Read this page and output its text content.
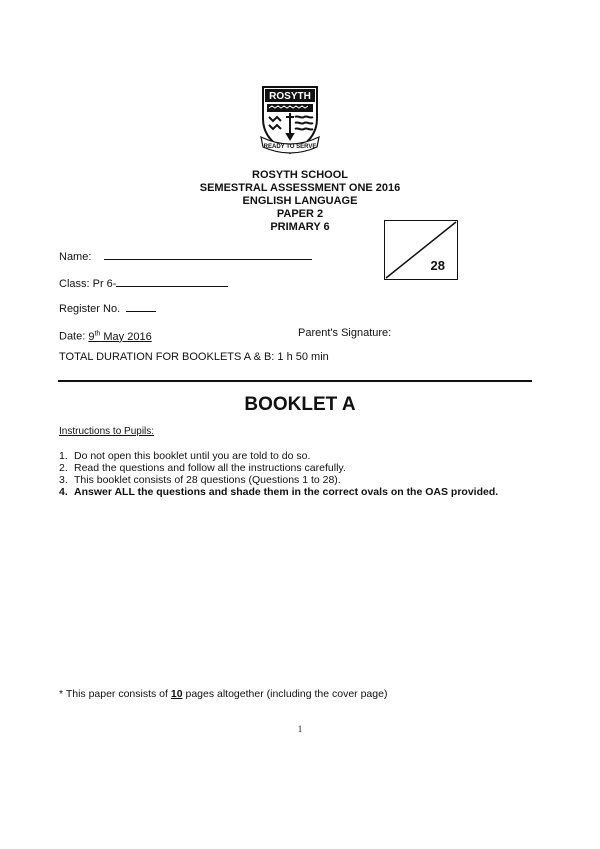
ROSYTH
READY TO SERVE
ROSYTH SCHOOL
SEMESTRAL ASSESSMENT ONE 2016
ENGLISH LANGUAGE
PAPER 2
PRIMARY 6
28
Name:
Class: Pr 6-
Register No.
Date: 9th May 2016	Parent's Signature:
TOTAL DURATION FOR BOOKLETS A & B: 1 h 50 min
BOOKLET A
Instructions to Pupils:
1. Do not open this booklet until you are told to do so.
2. Read the questions and follow all the instructions carefully.
3. This booklet consists of 28 questions (Questions 1 to 28).
4. Answer ALL the questions and shade them in the correct ovals on the OAS provided.
* This paper consists of 10 pages altogether (including the cover page)
1
